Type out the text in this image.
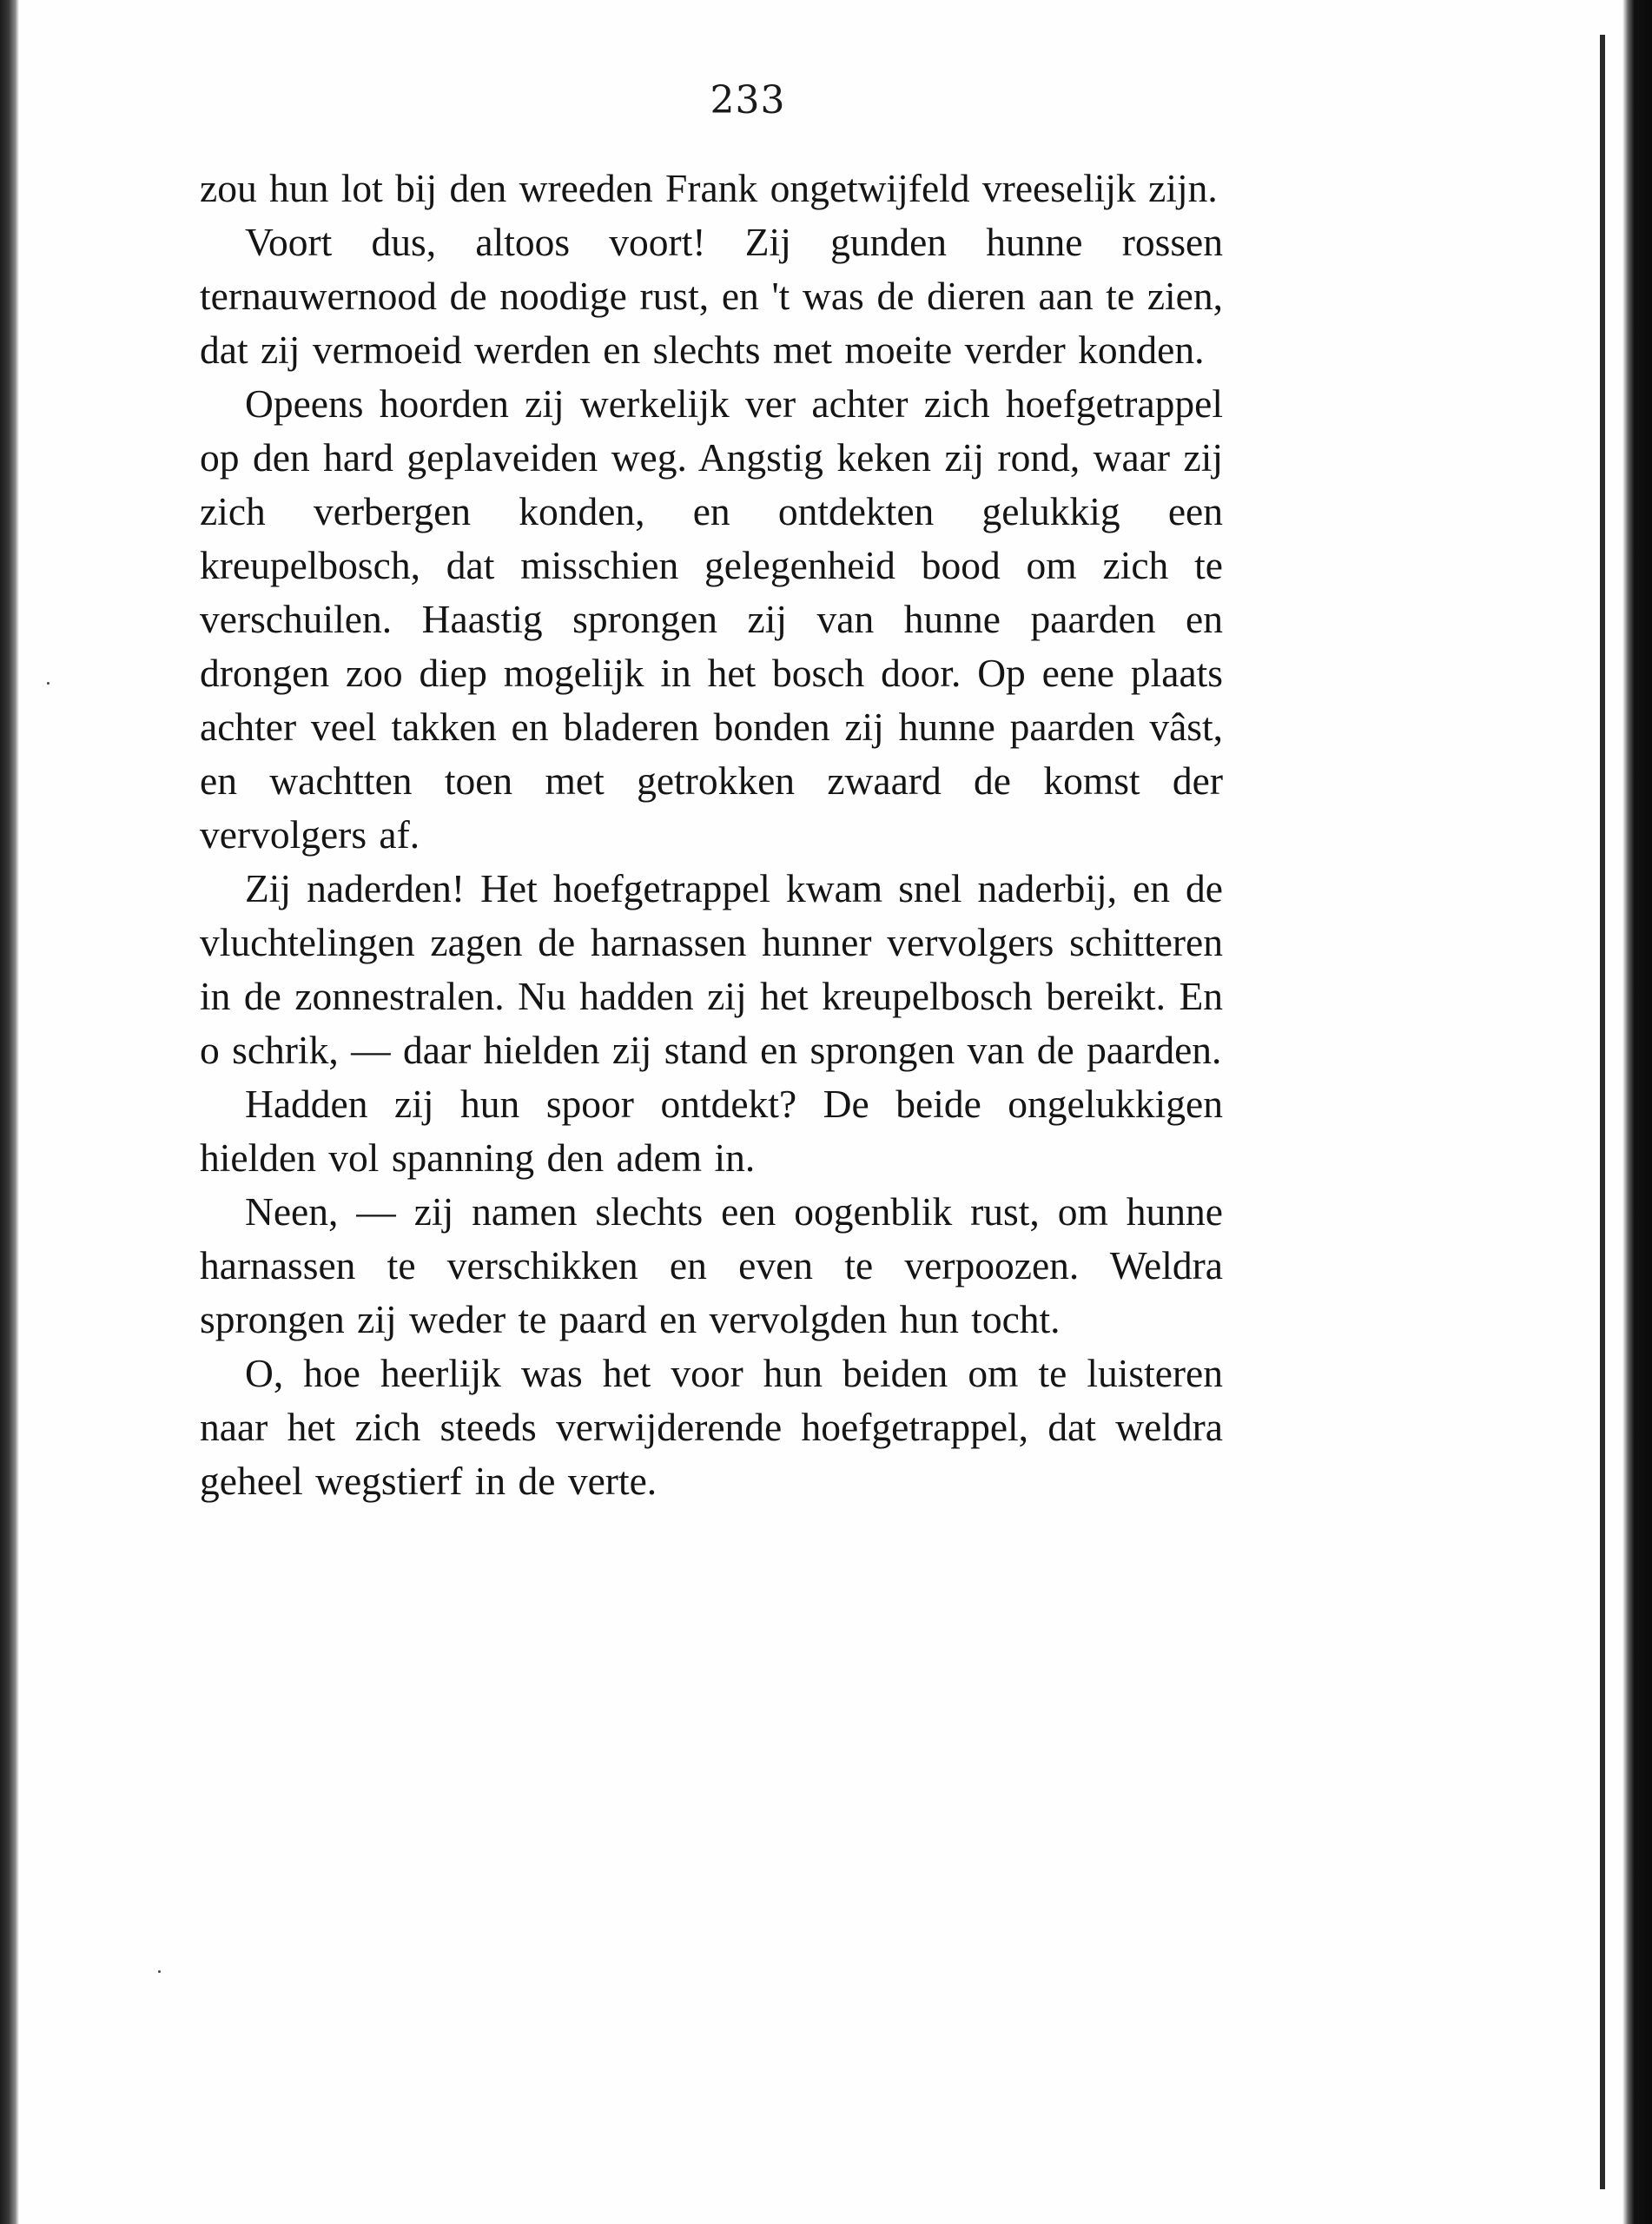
233

zou hun lot bij den wreeden Frank ongetwijfeld vreeselijk zijn.

Voort dus, altoos voort! Zij gunden hunne rossen ternauwernood de noodige rust, en 't was de dieren aan te zien, dat zij vermoeid werden en slechts met moeite verder konden.

Opeens hoorden zij werkelijk ver achter zich hoefgetrappel op den hard geplaveiden weg. Angstig keken zij rond, waar zij zich verbergen konden, en ontdekten gelukkig een kreupelbosch, dat misschien gelegenheid bood om zich te verschuilen. Haastig sprongen zij van hunne paarden en drongen zoo diep mogelijk in het bosch door. Op eene plaats achter veel takken en bladeren bonden zij hunne paarden vâst, en wachtten toen met getrokken zwaard de komst der vervolgers af.

Zij naderden! Het hoefgetrappel kwam snel naderbij, en de vluchtelingen zagen de harnassen hunner vervolgers schitteren in de zonnestralen. Nu hadden zij het kreupelbosch bereikt. En o schrik, — daar hielden zij stand en sprongen van de paarden.

Hadden zij hun spoor ontdekt? De beide ongelukkigen hielden vol spanning den adem in.

Neen, — zij namen slechts een oogenblik rust, om hunne harnassen te verschikken en even te verpoozen. Weldra sprongen zij weder te paard en vervolgden hun tocht.

O, hoe heerlijk was het voor hun beiden om te luisteren naar het zich steeds verwijderende hoefgetrappel, dat weldra geheel wegstierf in de verte.
